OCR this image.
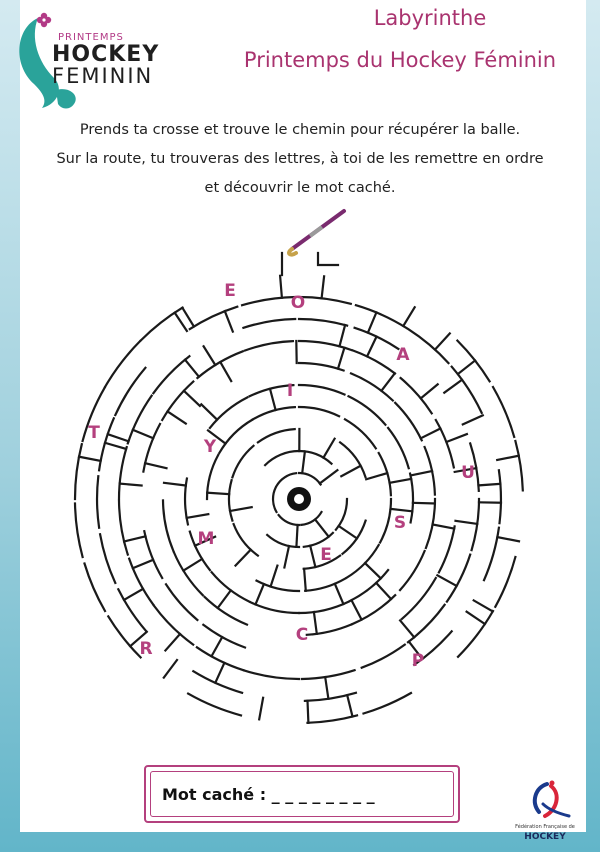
PRINTEMPS
HOCKEY
FEMININ
Labyrinthe
Printemps du Hockey Féminin
Prends ta crosse et trouve le chemin pour récupérer la balle.
Sur la route, tu trouveras des lettres, à toi de les remettre en ordre
et découvrir le mot caché.
E
O
A
I
T
Y
U
S
M
E
C
R
P
Mot caché : _ _ _ _ _ _ _ _
Fédération Française de
HOCKEY
